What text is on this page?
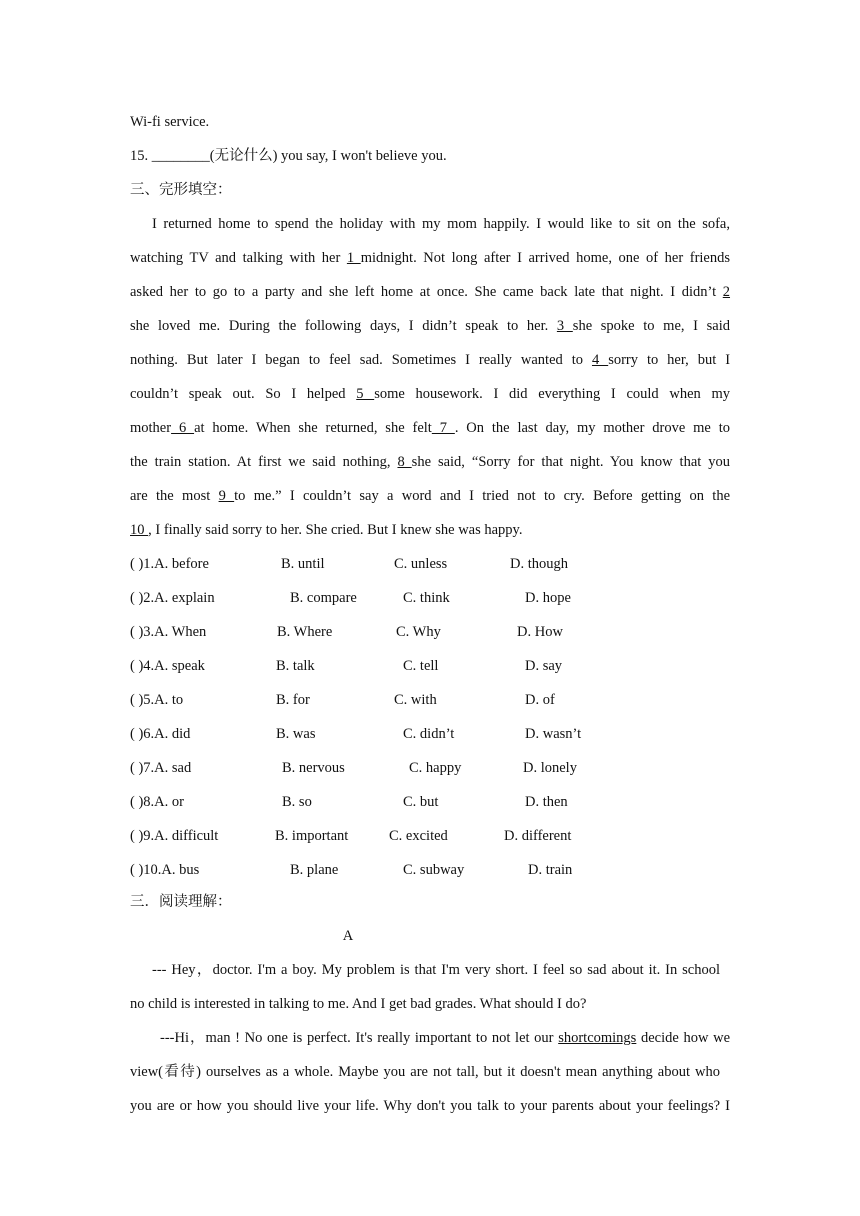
Wi-fi service.
15. ________(无论什么) you say, I won't believe you.
三、完形填空：
I returned home to spend the holiday with my mom happily. I would like to sit on the sofa,
watching TV and talking with her 1 midnight. Not long after I arrived home, one of her friends
asked her to go to a party and she left home at once. She came back late that night. I didn’t 2
she loved me. During the following days, I didn’t speak to her. 3 she spoke to me, I said
nothing. But later I began to feel sad. Sometimes I really wanted to 4 sorry to her, but I
couldn’t speak out. So I helped 5 some housework. I did everything I could when my
mother 6 at home. When she returned, she felt 7 . On the last day, my mother drove me to
the train station. At first we said nothing, 8 she said, “Sorry for that night. You know that you
are the most 9 to me.” I couldn’t say a word and I tried not to cry. Before getting on the
10 , I finally said sorry to her. She cried. But I knew she was happy.
( ) 1. A. before	B. until	C. unless	D. though
( ) 2. A. explain	B. compare	C. think	D. hope
( ) 3. A. When	B. Where	C. Why	D. How
( ) 4. A. speak	B. talk	C. tell	D. say
( ) 5. A. to	B. for	C. with	D. of
( ) 6. A. did	B. was	C. didn’t	D. wasn’t
( ) 7. A. sad	B. nervous	C. happy	D. lonely
( ) 8. A. or	B. so	C. but	D. then
( ) 9. A. difficult	B. important	C. excited	D. different
( ) 10. A. bus	B. plane	C. subway	D. train
三．阅读理解：
A
--- Hey，doctor. I'm a boy. My problem is that I'm very short. I feel so sad about it. In school
no child is interested in talking to me. And I get bad grades. What should I do?
---Hi，man ! No one is perfect. It's really important to not let our shortcomings decide how we
view(看待) ourselves as a whole. Maybe you are not tall, but it doesn't mean anything about who
you are or how you should live your life. Why don't you talk to your parents about your feelings? I
